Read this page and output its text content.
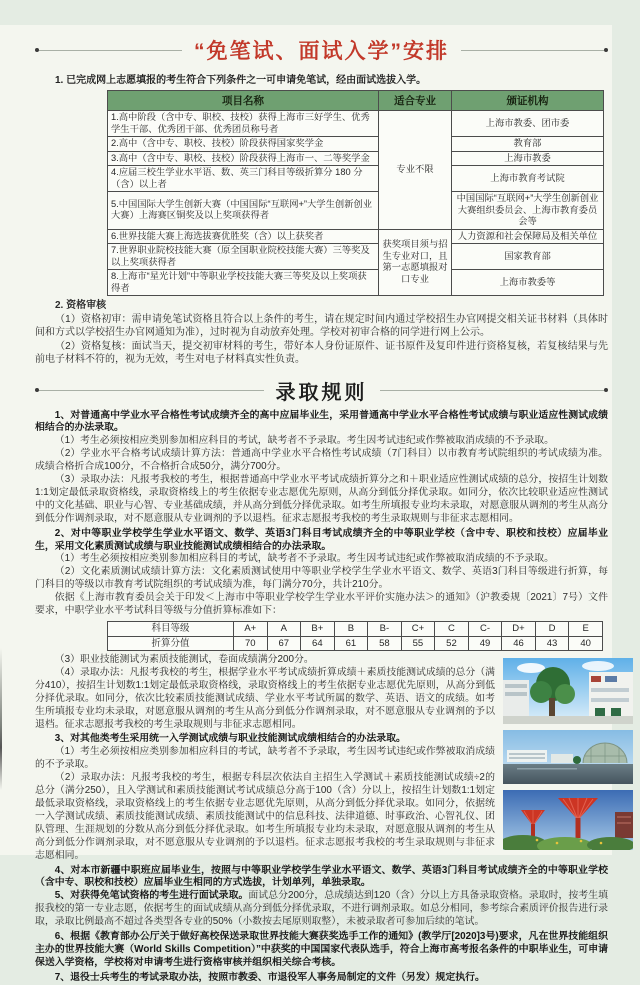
“免笔试、面试入学”安排
1. 已完成网上志愿填报的考生符合下列条件之一可申请免笔试，经由面试选拔入学。
项目名称	适合专业	颁证机构
1.高中阶段（含中专、职校、技校）获得上海市三好学生、优秀学生干部、优秀团干部、优秀团员称号者	专业不限	上海市教委、团市委
2.高中（含中专、职校、技校）阶段获得国家奖学金		教育部
3.高中（含中专、职校、技校）阶段获得上海市一、二等奖学金		上海市教委
4.应届三校生学业水平语、数、英三门科目等级折算分 180 分（含）以上者		上海市教育考试院
5.中国国际大学生创新大赛（中国国际“互联网+”大学生创新创业大赛）上海赛区铜奖及以上奖项获得者		中国国际“互联网+”大学生创新创业大赛组织委员会、上海市教育委员会等
6.世界技能大赛上海选拔赛优胜奖（含）以上获奖者	获奖项目须与招生专业对口，且第一志愿填报对口专业	人力资源和社会保障局及相关单位
7.世界职业院校技能大赛（原全国职业院校技能大赛）三等奖及以上奖项获得者		国家教育部
8.上海市“星光计划”中等职业学校技能大赛三等奖及以上奖项获得者		上海市教委等

2. 资格审核

（1）资格初审：需申请免笔试资格且符合以上条件的考生，请在规定时间内通过学校招生办官网提交相关证书材料（具体时间和方式以学校招生办官网通知为准），过时视为自动放弃处理。学校对初审合格的同学进行网上公示。

（2）资格复核：面试当天，提交初审材料的考生，带好本人身份证原件、证书原件及复印件进行资格复核，若复核结果与先前电子材料不符的，视为无效，考生对电子材料真实性负责。

录取规则

1、对普通高中学业水平合格性考试成绩齐全的高中应届毕业生，采用普通高中学业水平合格性考试成绩与职业适应性测试成绩相结合的办法录取。

（1）考生必须按相应类别参加相应科目的考试，缺考者不予录取。考生因考试违纪或作弊被取消成绩的不予录取。

（2）学业水平合格考试成绩计算方法：普通高中学业水平合格性考试成绩（7门科目）以市教育考试院组织的考试成绩为准。成绩合格折合成100分，不合格折合成50分，满分700分。

（3）录取办法：凡报考我校的考生，根据普通高中学业水平考试成绩折算分之和＋职业适应性测试成绩的总分，按招生计划数1:1划定最低录取资格线，录取资格线上的考生依据专业志愿优先原则，从高分到低分择优录取。如同分，依次比较职业适应性测试中的文化基础、职业与心智、专业基础成绩，并从高分到低分择优录取。如考生所填报专业均未录取，对愿意服从调剂的考生从高分到低分作调剂录取，对不愿意服从专业调剂的予以退档。征求志愿报考我校的考生录取规则与非征求志愿相同。

2、对中等职业学校学生学业水平语文、数学、英语3门科目考试成绩齐全的中等职业学校（含中专、职校和技校）应届毕业生，采用文化素质测试成绩与职业技能测试成绩相结合的办法录取。

（1）考生必须按相应类别参加相应科目的考试，缺考者不予录取。考生因考试违纪或作弊被取消成绩的不予录取。

（2）文化素质测试成绩计算方法：文化素质测试使用中等职业学校学生学业水平语文、数学、英语3门科目等级进行折算，每门科目的等级以市教育考试院组织的考试成绩为准，每门满分70分，共计210分。

依据《上海市教育委员会关于印发＜上海市中等职业学校学生学业水平评价实施办法＞的通知》（沪教委规〔2021〕7号）文件要求，中职学业水平考试科目等级与分值折算标准如下：

科目等级	A+	A	B+	B	B-	C+	C	C-	D+	D	E
折算分值	70	67	64	61	58	55	52	49	46	43	40

（3）职业技能测试为素质技能测试，卷面成绩满分200分。

（4）录取办法：凡报考我校的考生，根据学业水平考试成绩折算成绩＋素质技能测试成绩的总分（满分410），按招生计划数1:1划定最低录取资格线，录取资格线上的考生依据专业志愿优先原则，从高分到低分择优录取。如同分，依次比较素质技能测试成绩、学业水平考试所属的数学、英语、语文的成绩。如考生所填报专业均未录取，对愿意服从调剂的考生从高分到低分作调剂录取，对不愿意服从专业调剂的予以退档。征求志愿报考我校的考生录取规则与非征求志愿相同。

3、对其他类考生采用统一入学测试成绩与职业技能测试成绩相结合的办法录取。

（1）考生必须按相应类别参加相应科目的考试，缺考者不予录取，考生因考试违纪或作弊被取消成绩的不予录取。

（2）录取办法：凡报考我校的考生，根据专科层次依法自主招生入学测试＋素质技能测试成绩÷2的总分（满分250），且入学测试和素质技能测试考试成绩总分高于100（含）分以上，按招生计划数1:1划定最低录取资格线，录取资格线上的考生依据专业志愿优先原则，从高分到低分择优录取。如同分，依据统一入学测试成绩、素质技能测试成绩、素质技能测试中的信息科技、法律道德、时事政治、心智礼仪、团队管理、生涯规划的分数从高分到低分择优录取。如考生所填报专业均未录取，对愿意服从调剂的考生从高分到低分作调剂录取，对不愿意服从专业调剂的予以退档。征求志愿报考我校的考生录取规则与非征求志愿相同。

4、对本市新疆中职班应届毕业生，按照与中等职业学校学生学业水平语文、数学、英语3门科目考试成绩齐全的中等职业学校（含中专、职校和技校）应届毕业生相同的方式选拔，计划单列，单独录取。

5、对获得免笔试资格的考生进行面试录取。面试总分200分，总成绩达到120（含）分以上方具备录取资格。录取时，按考生填报我校的第一专业志愿，依据考生的面试成绩从高分到低分择优录取，不进行调剂录取。如总分相同，参考综合素质评价报告进行录取，录取比例最高不超过各类型各专业的50%（小数按去尾原则取整），未被录取者可参加后续的笔试。

6、根据《教育部办公厅关于做好高校保送录取世界技能大赛获奖选手工作的通知》(教学厅[2020]3号)要求，凡在世界技能组织主办的世界技能大赛（World Skills Competition）”中获奖的中国国家代表队选手，符合上海市高考报名条件的中职毕业生，可申请保送入学资格，学校将对申请考生进行资格审核并组织相关综合考核。

7、退役士兵考生的考试录取办法，按照市教委、市退役军人事务局制定的文件（另发）规定执行。
